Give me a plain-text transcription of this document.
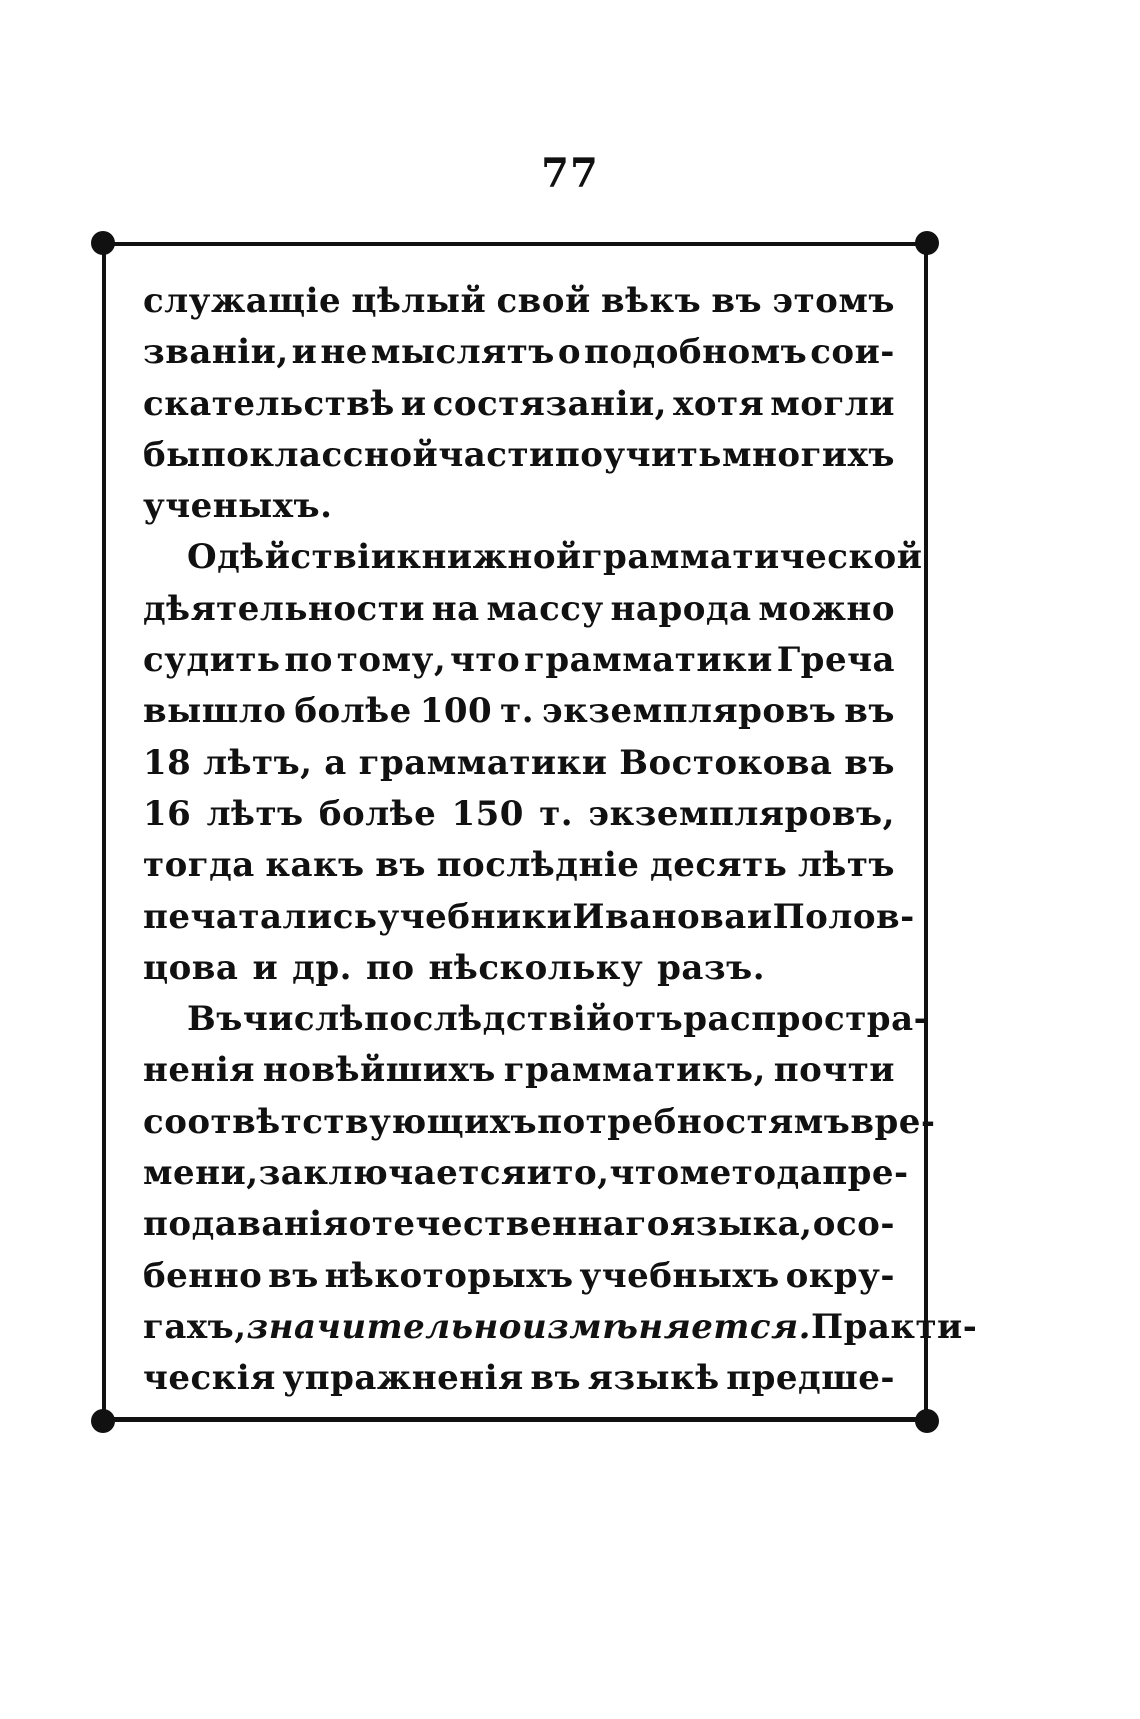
77
служащіе цѣлый свой вѣкъ въ этомъ
званіи, и не мыслятъ о подобномъ сои-
скательствѣ и состязаніи, хотя могли
бы по классной части поучить многихъ
ученыхъ.
О дѣйствіи книжной грамматической
дѣятельности на массу народа можно
судить по тому, что грамматики Греча
вышло болѣе 100 т. экземпляровъ въ
18 лѣтъ, а грамматики Востокова въ
16 лѣтъ болѣе 150 т. экземпляровъ,
тогда какъ въ послѣдніе десять лѣтъ
печатались учебники Иванова и Полов-
цова и др. по нѣскольку разъ.
Въ числѣ послѣдствій отъ распростра-
ненія новѣйшихъ грамматикъ, почти
соотвѣтствующихъ потребностямъ вре-
мени, заключается и то, что метода пре-
подаванія отечественнаго языка, осо-
бенно въ нѣкоторыхъ учебныхъ окру-
гахъ, значительно измѣняется. Практи-
ческія упражненія въ языкѣ предше-
